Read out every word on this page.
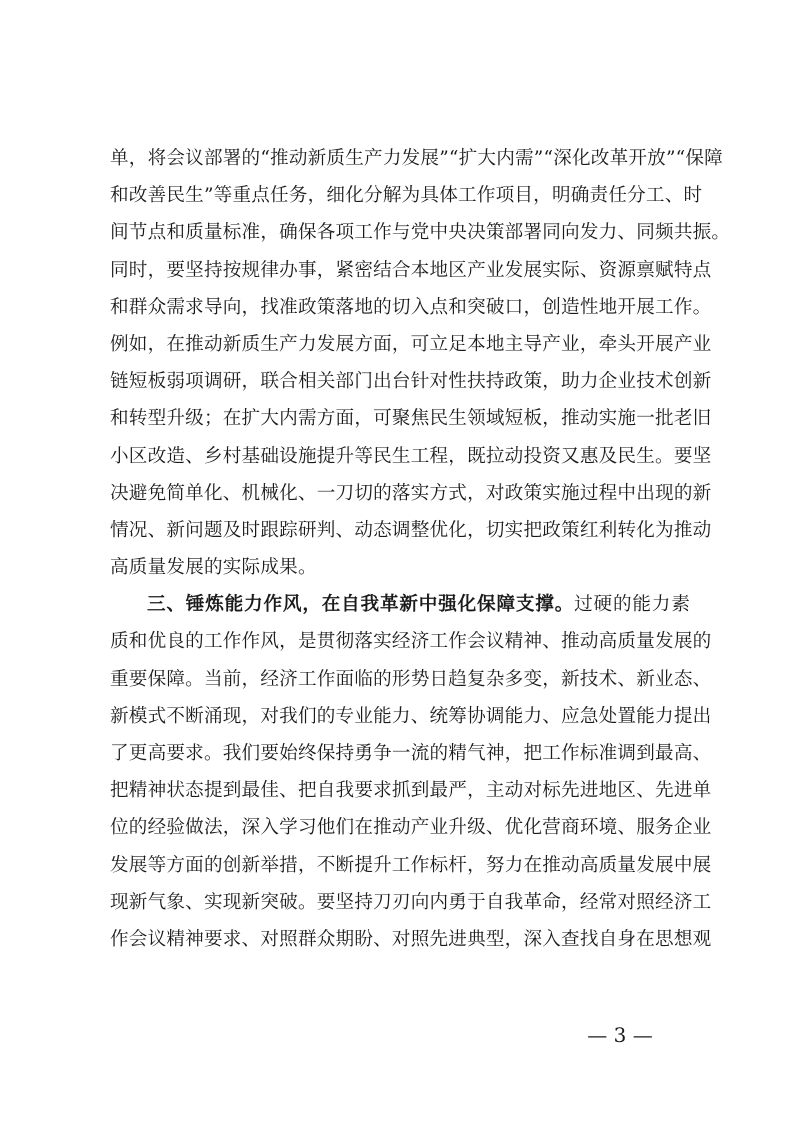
单，将会议部署的“推动新质生产力发展”“扩大内需”“深化改革开放”“保障
和改善民生”等重点任务，细化分解为具体工作项目，明确责任分工、时
间节点和质量标准，确保各项工作与党中央决策部署同向发力、同频共振。
同时，要坚持按规律办事，紧密结合本地区产业发展实际、资源禀赋特点
和群众需求导向，找准政策落地的切入点和突破口，创造性地开展工作。
例如，在推动新质生产力发展方面，可立足本地主导产业，牵头开展产业
链短板弱项调研，联合相关部门出台针对性扶持政策，助力企业技术创新
和转型升级；在扩大内需方面，可聚焦民生领域短板，推动实施一批老旧
小区改造、乡村基础设施提升等民生工程，既拉动投资又惠及民生。要坚
决避免简单化、机械化、一刀切的落实方式，对政策实施过程中出现的新
情况、新问题及时跟踪研判、动态调整优化，切实把政策红利转化为推动
高质量发展的实际成果。
三、锤炼能力作风，在自我革新中强化保障支撑。过硬的能力素
质和优良的工作作风，是贯彻落实经济工作会议精神、推动高质量发展的
重要保障。当前，经济工作面临的形势日趋复杂多变，新技术、新业态、
新模式不断涌现，对我们的专业能力、统筹协调能力、应急处置能力提出
了更高要求。我们要始终保持勇争一流的精气神，把工作标准调到最高、
把精神状态提到最佳、把自我要求抓到最严，主动对标先进地区、先进单
位的经验做法，深入学习他们在推动产业升级、优化营商环境、服务企业
发展等方面的创新举措，不断提升工作标杆，努力在推动高质量发展中展
现新气象、实现新突破。要坚持刀刃向内勇于自我革命，经常对照经济工
作会议精神要求、对照群众期盼、对照先进典型，深入查找自身在思想观
— 3 —
